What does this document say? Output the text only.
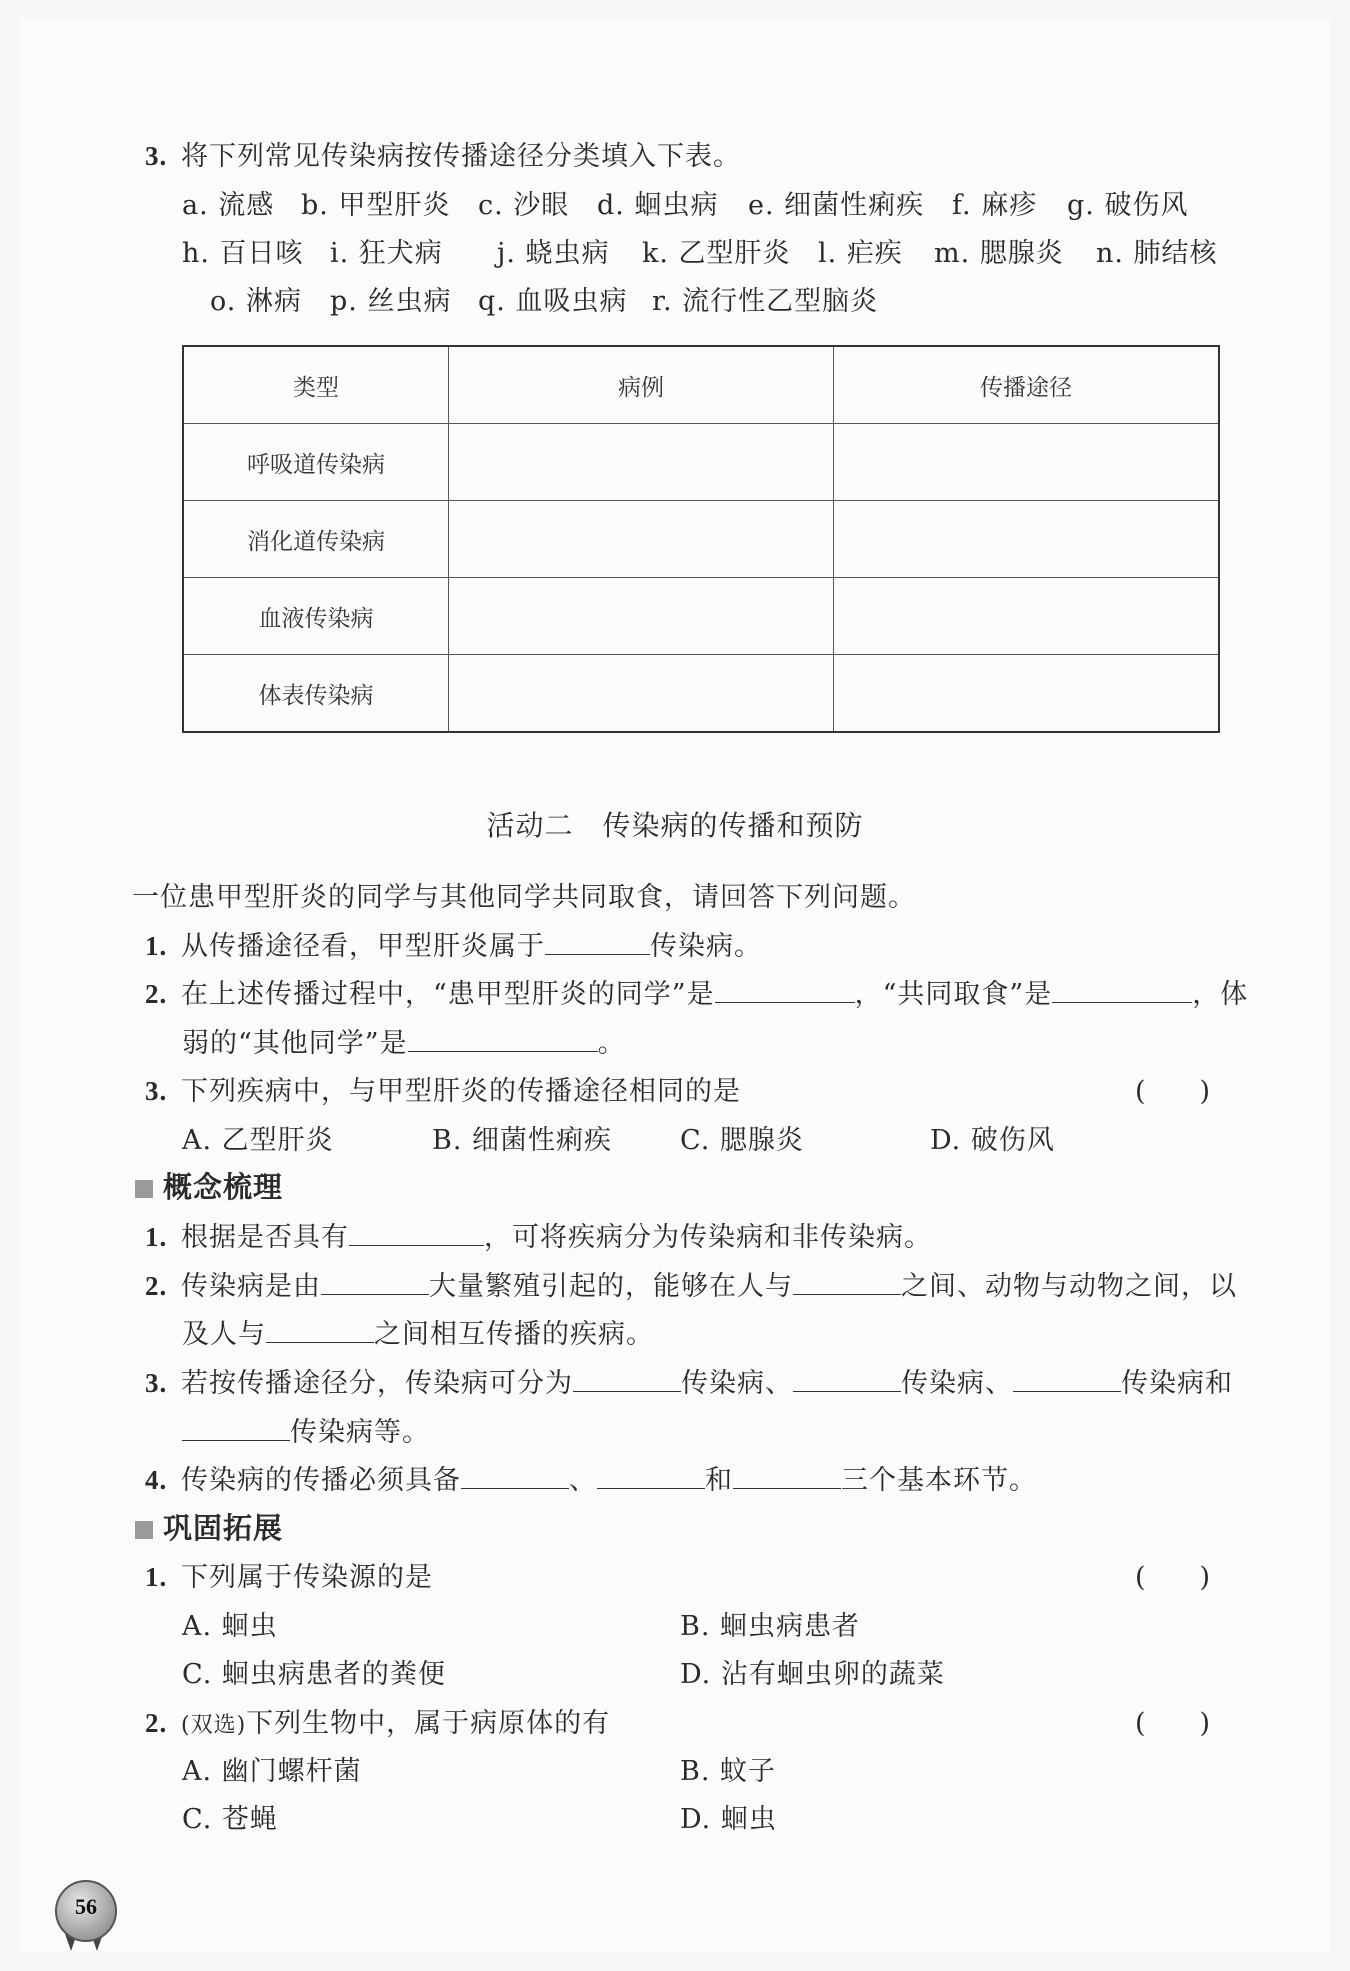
3. 将下列常见传染病按传播途径分类填入下表。
a. 流感 b. 甲型肝炎 c. 沙眼 d. 蛔虫病 e. 细菌性痢疾 f. 麻疹 g. 破伤风
h. 百日咳 i. 狂犬病 j. 蛲虫病 k. 乙型肝炎 l. 疟疾 m. 腮腺炎 n. 肺结核
o. 淋病 p. 丝虫病 q. 血吸虫病 r. 流行性乙型脑炎
类型	病例	传播途径
呼吸道传染病		
消化道传染病		
血液传染病		
体表传染病		
活动二　传染病的传播和预防
一位患甲型肝炎的同学与其他同学共同取食，请回答下列问题。
1. 从传播途径看，甲型肝炎属于	传染病。
2. 在上述传播过程中，“患甲型肝炎的同学”是	，“共同取食”是	，体
弱的“其他同学”是	。
3. 下列疾病中，与甲型肝炎的传播途径相同的是	(　　)
A. 乙型肝炎	B. 细菌性痢疾	C. 腮腺炎	D. 破伤风
概念梳理
1. 根据是否具有	，可将疾病分为传染病和非传染病。
2. 传染病是由	大量繁殖引起的，能够在人与	之间、动物与动物之间，以
及人与	之间相互传播的疾病。
3. 若按传播途径分，传染病可分为	传染病、	传染病、	传染病和
传染病等。
4. 传染病的传播必须具备	、	和	三个基本环节。
巩固拓展
1. 下列属于传染源的是	(　　)
A. 蛔虫	B. 蛔虫病患者
C. 蛔虫病患者的粪便	D. 沾有蛔虫卵的蔬菜
2. (双选)下列生物中，属于病原体的有	(　　)
A. 幽门螺杆菌	B. 蚊子
C. 苍蝇	D. 蛔虫
56
